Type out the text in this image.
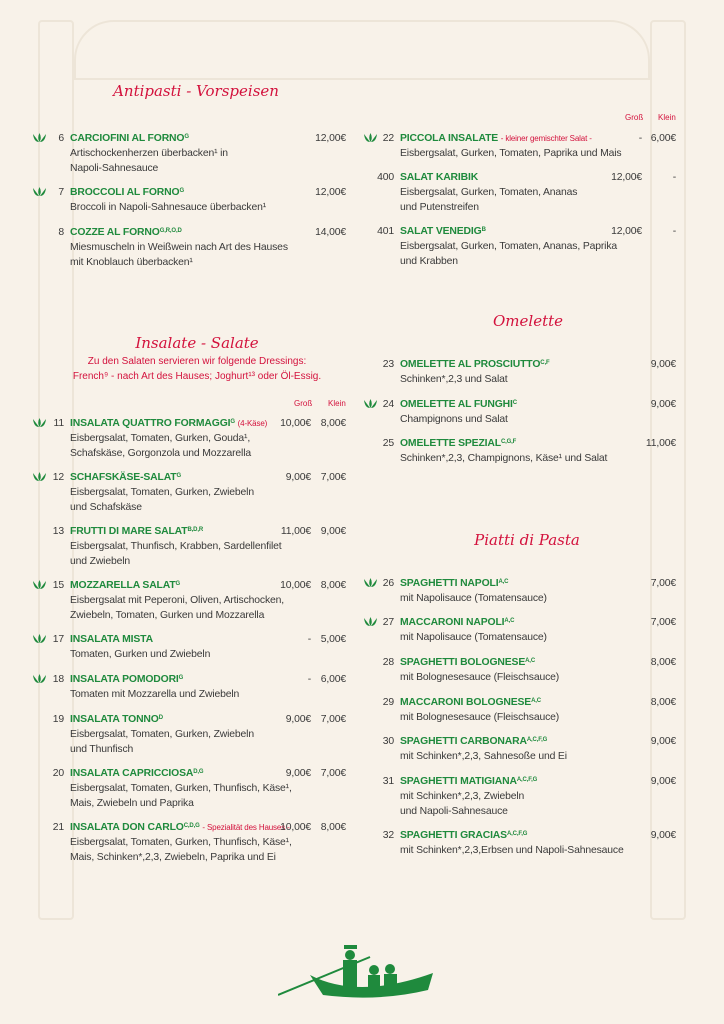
Antipasti - Vorspeisen
Insalate - Salate
Zu den Salaten servieren wir folgende Dressings:
French⁹ - nach Art des Hauses; Joghurt¹³ oder Öl-Essig.
Omelette
Piatti di Pasta
Groß Klein
Groß Klein
6 CARCIOFINI AL $FORNO^G$
Artischockenherzen überbacken¹ in
Napoli-Sahnesauce
12,00€
7 BROCCOLI AL $FORNO^G$
Broccoli in Napoli-Sahnesauce überbacken¹
12,00€
8 COZZE AL $FORNO^{G,R,O,D}$
Miesmuscheln in Weißwein nach Art des Hauses
mit Knoblauch überbacken¹
14,00€
11 INSALATA QUATTRO $FORMAGGI^G$ (4-Käse)
Eisbergsalat, Tomaten, Gurken, Gouda¹,
Schafskäse, Gorgonzola und Mozzarella
10,00€ 8,00€
12 SCHAFSKÄSE-$SALAT^G$
Eisbergsalat, Tomaten, Gurken, Zwiebeln
und Schafskäse
9,00€ 7,00€
13 FRUTTI DI MARE $SALAT^{B,D,R}$
Eisbergsalat, Thunfisch, Krabben, Sardellenfilet
und Zwiebeln
11,00€ 9,00€
15 MOZZARELLA $SALAT^G$
Eisbergsalat mit Peperoni, Oliven, Artischocken,
Zwiebeln, Tomaten, Gurken und Mozzarella
10,00€ 8,00€
17 INSALATA MISTA
Tomaten, Gurken und Zwiebeln
- 5,00€
18 INSALATA $POMODORI^G$
Tomaten mit Mozzarella und Zwiebeln
- 6,00€
19 INSALATA $TONNO^D$
Eisbergsalat, Tomaten, Gurken, Zwiebeln
und Thunfisch
9,00€ 7,00€
20 INSALATA $CAPRICCIOSA^{D,G}$
Eisbergsalat, Tomaten, Gurken, Thunfisch, Käse¹,
Mais, Zwiebeln und Paprika
9,00€ 7,00€
21 INSALATA DON $CARLO^{C,D,G}$ - Spezialität des Hauses -
Eisbergsalat, Tomaten, Gurken, Thunfisch, Käse¹,
Mais, Schinken*,2,3, Zwiebeln, Paprika und Ei
10,00€ 8,00€
22 PICCOLA INSALATE - kleiner gemischter Salat -
Eisbergsalat, Gurken, Tomaten, Paprika und Mais
- 6,00€
400 SALAT KARIBIK
Eisbergsalat, Gurken, Tomaten, Ananas
und Putenstreifen
12,00€	-
401 SALAT $VENEDIG^B$
Eisbergsalat, Gurken, Tomaten, Ananas, Paprika
und Krabben
12,00€	-
23 OMELETTE AL $PROSCIUTTO^{C,F}$
Schinken*,2,3 und Salat
9,00€
24 OMELETTE AL $FUNGHI^C$
Champignons und Salat
9,00€
25 OMELETTE $SPEZIAL^{C,G,F}$
Schinken*,2,3, Champignons, Käse¹ und Salat
11,00€
26 SPAGHETTI $NAPOLI^{A,C}$
mit Napolisauce (Tomatensauce)
7,00€
27 MACCARONI $NAPOLI^{A,C}$
mit Napolisauce (Tomatensauce)
7,00€
28 SPAGHETTI $BOLOGNESE^{A,C}$
mit Bolognesesauce (Fleischsauce)
8,00€
29 MACCARONI $BOLOGNESE^{A,C}$
mit Bolognesesauce (Fleischsauce)
8,00€
30 SPAGHETTI $CARBONARA^{A,C,F,G}$
mit Schinken*,2,3, Sahnesoße und Ei
9,00€
31 SPAGHETTI $MATIGIANA^{A,C,F,G}$
mit Schinken*,2,3, Zwiebeln
und Napoli-Sahnesauce
9,00€
32 SPAGHETTI $GRACIAS^{A,C,F,G}$
mit Schinken*,2,3,Erbsen und Napoli-Sahnesauce
9,00€
